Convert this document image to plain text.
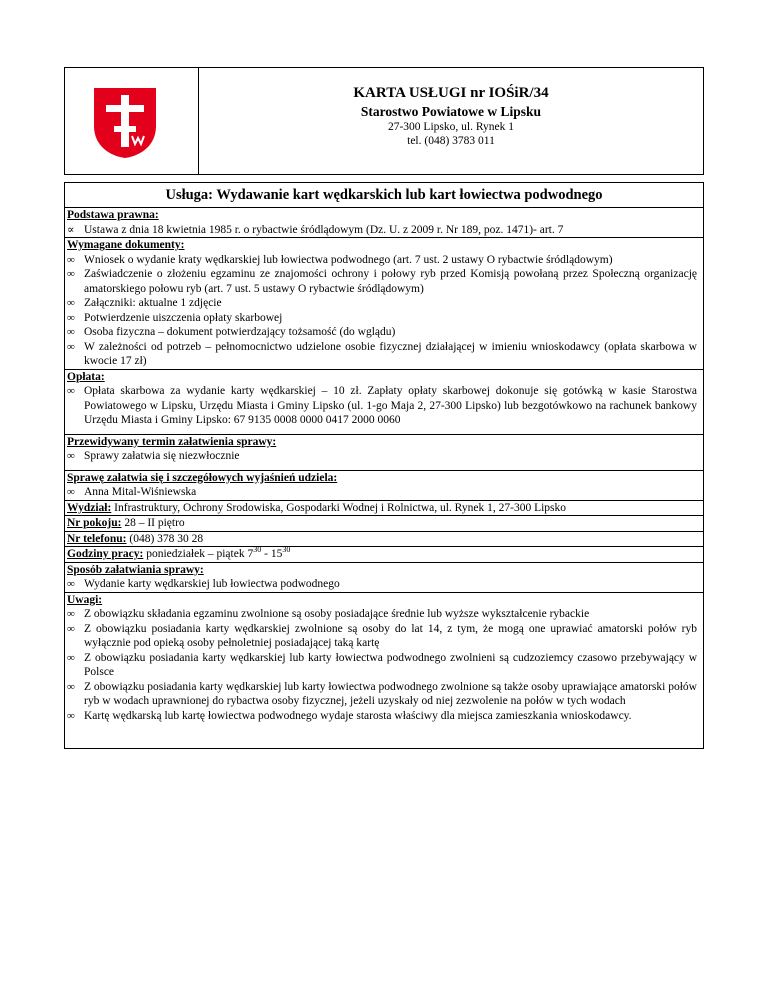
KARTA USŁUGI nr IOŚiR/34
Starostwo Powiatowe w Lipsku
27-300 Lipsko, ul. Rynek 1
tel. (048) 3783 011
Usługa: Wydawanie kart wędkarskich lub kart łowiectwa podwodnego
Podstawa prawna:
∝ Ustawa z dnia 18 kwietnia 1985 r. o rybactwie śródlądowym (Dz. U. z 2009 r. Nr 189, poz. 1471)- art. 7
Wymagane dokumenty:
∞ Wniosek o wydanie kraty wędkarskiej lub łowiectwa podwodnego (art. 7 ust. 2 ustawy O rybactwie śródlądowym)
∞ Zaświadczenie o złożeniu egzaminu ze znajomości ochrony i połowy ryb przed Komisją powołaną przez Społeczną organizację amatorskiego połowu ryb (art. 7 ust. 5 ustawy O rybactwie śródlądowym)
∞ Załączniki: aktualne 1 zdjęcie
∞ Potwierdzenie uiszczenia opłaty skarbowej
∞ Osoba fizyczna – dokument potwierdzający tożsamość (do wglądu)
∞ W zależności od potrzeb – pełnomocnictwo udzielone osobie fizycznej działającej w imieniu wnioskodawcy (opłata skarbowa w kwocie 17 zł)
Opłata:
∞ Opłata skarbowa za wydanie karty wędkarskiej – 10 zł. Zapłaty opłaty skarbowej dokonuje się gotówką w kasie Starostwa Powiatowego w Lipsku, Urzędu Miasta i Gminy Lipsko (ul. 1-go Maja 2, 27-300 Lipsko) lub bezgotówkowo na rachunek bankowy Urzędu Miasta i Gminy Lipsko: 67 9135 0008 0000 0417 2000 0060
Przewidywany termin załatwienia sprawy:
∞ Sprawy załatwia się niezwłocznie
Sprawę załatwia się i szczegółowych wyjaśnień udziela:
∞ Anna Mital-Wiśniewska
Wydział: Infrastruktury, Ochrony Srodowiska, Gospodarki Wodnej i Rolnictwa, ul. Rynek 1, 27-300 Lipsko
Nr pokoju: 28 – II piętro
Nr telefonu: (048) 378 30 28
Godziny pracy: poniedziałek – piątek $7^{30} - 15^{30}$
Sposób załatwiania sprawy:
∞ Wydanie karty wędkarskiej lub łowiectwa podwodnego
Uwagi:
∞ Z obowiązku składania egzaminu zwolnione są osoby posiadające średnie lub wyższe wykształcenie rybackie
∞ Z obowiązku posiadania karty wędkarskiej zwolnione są osoby do lat 14, z tym, że mogą one uprawiać amatorski połów ryb wyłącznie pod opieką osoby pełnoletniej posiadającej taką kartę
∞ Z obowiązku posiadania karty wędkarskiej lub karty łowiectwa podwodnego zwolnieni są cudzoziemcy czasowo przebywający w Polsce
∞ Z obowiązku posiadania karty wędkarskiej lub karty łowiectwa podwodnego zwolnione są także osoby uprawiające amatorski połów ryb w wodach uprawnionej do rybactwa osoby fizycznej, jeżeli uzyskały od niej zezwolenie na połów w tych wodach
∞ Kartę wędkarską lub kartę łowiectwa podwodnego wydaje starosta właściwy dla miejsca zamieszkania wnioskodawcy.
